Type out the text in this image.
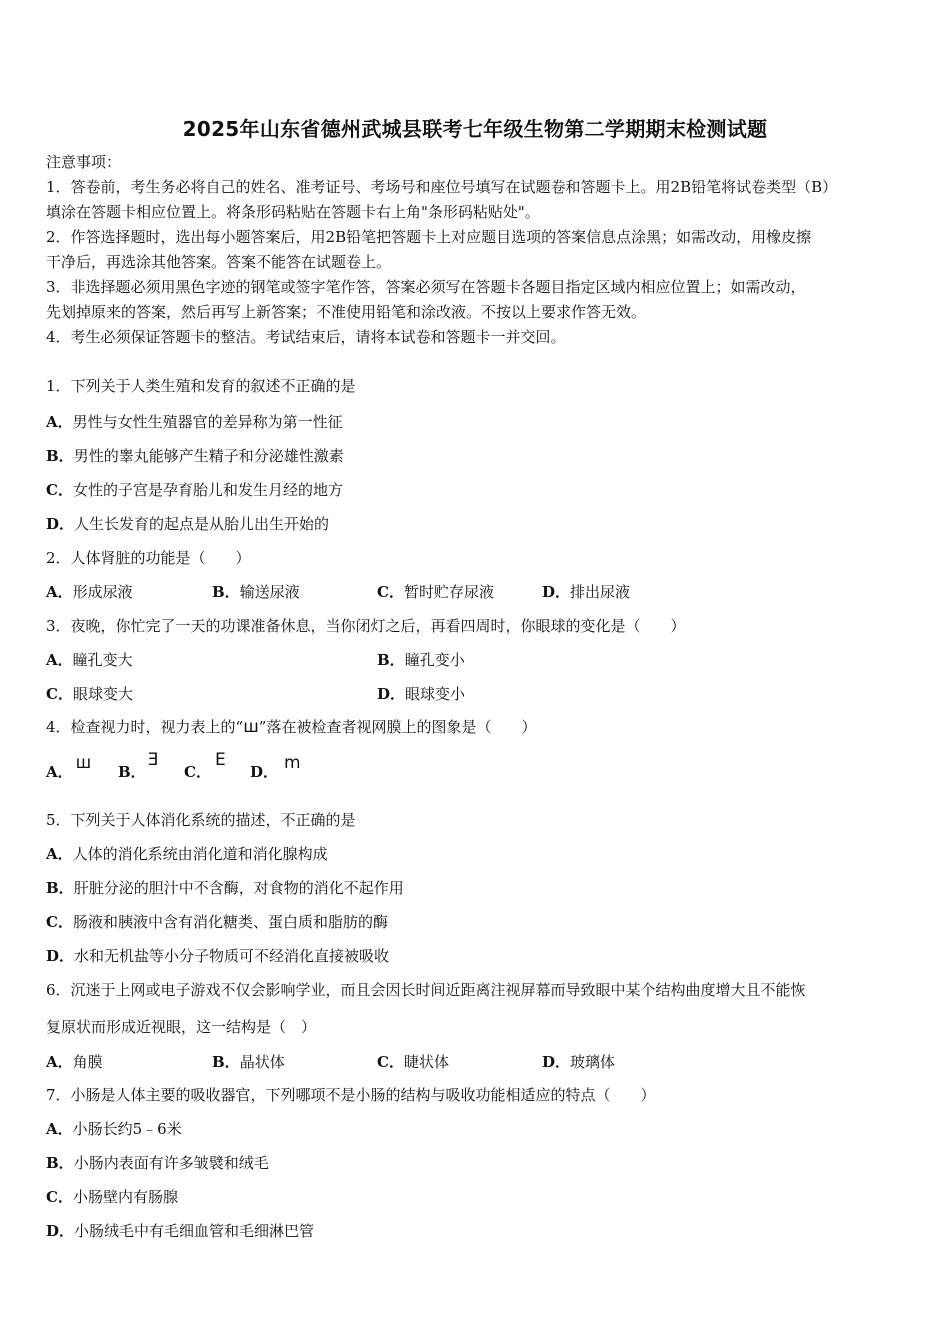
2025年山东省德州武城县联考七年级生物第二学期期末检测试题
注意事项：
1．答卷前，考生务必将自己的姓名、准考证号、考场号和座位号填写在试题卷和答题卡上。用2B铅笔将试卷类型（B）
填涂在答题卡相应位置上。将条形码粘贴在答题卡右上角"条形码粘贴处"。
2．作答选择题时，选出每小题答案后，用2B铅笔把答题卡上对应题目选项的答案信息点涂黑；如需改动，用橡皮擦
干净后，再选涂其他答案。答案不能答在试题卷上。
3．非选择题必须用黑色字迹的钢笔或签字笔作答，答案必须写在答题卡各题目指定区域内相应位置上；如需改动，
先划掉原来的答案，然后再写上新答案；不准使用铅笔和涂改液。不按以上要求作答无效。
4．考生必须保证答题卡的整洁。考试结束后，请将本试卷和答题卡一并交回。
1．下列关于人类生殖和发育的叙述不正确的是
A．男性与女性生殖器官的差异称为第一性征
B．男性的睾丸能够产生精子和分泌雄性激素
C．女性的子宫是孕育胎儿和发生月经的地方
D．人生长发育的起点是从胎儿出生开始的
2．人体肾脏的功能是（　　）
A．形成尿液	B．输送尿液	C．暂时贮存尿液	D．排出尿液
3．夜晚，你忙完了一天的功课准备休息，当你闭灯之后，再看四周时，你眼球的变化是（　　）
A．瞳孔变大	B．瞳孔变小
C．眼球变大	D．眼球变小
4．检查视力时，视力表上的“ш”落在被检查者视网膜上的图象是（　　）
A． ш B．Ǝ
C．E
D． m
5．下列关于人体消化系统的描述，不正确的是
A．人体的消化系统由消化道和消化腺构成
B．肝脏分泌的胆汁中不含酶，对食物的消化不起作用
C．肠液和胰液中含有消化糖类、蛋白质和脂肪的酶
D．水和无机盐等小分子物质可不经消化直接被吸收
6．沉迷于上网或电子游戏不仅会影响学业，而且会因长时间近距离注视屏幕而导致眼中某个结构曲度增大且不能恢
复原状而形成近视眼，这一结构是（　）
A．角膜	B．晶状体	C．睫状体	D．玻璃体
7．小肠是人体主要的吸收器官，下列哪项不是小肠的结构与吸收功能相适应的特点（　　）
A．小肠长约5﹣6米
B．小肠内表面有许多皱襞和绒毛
C．小肠壁内有肠腺
D．小肠绒毛中有毛细血管和毛细淋巴管
